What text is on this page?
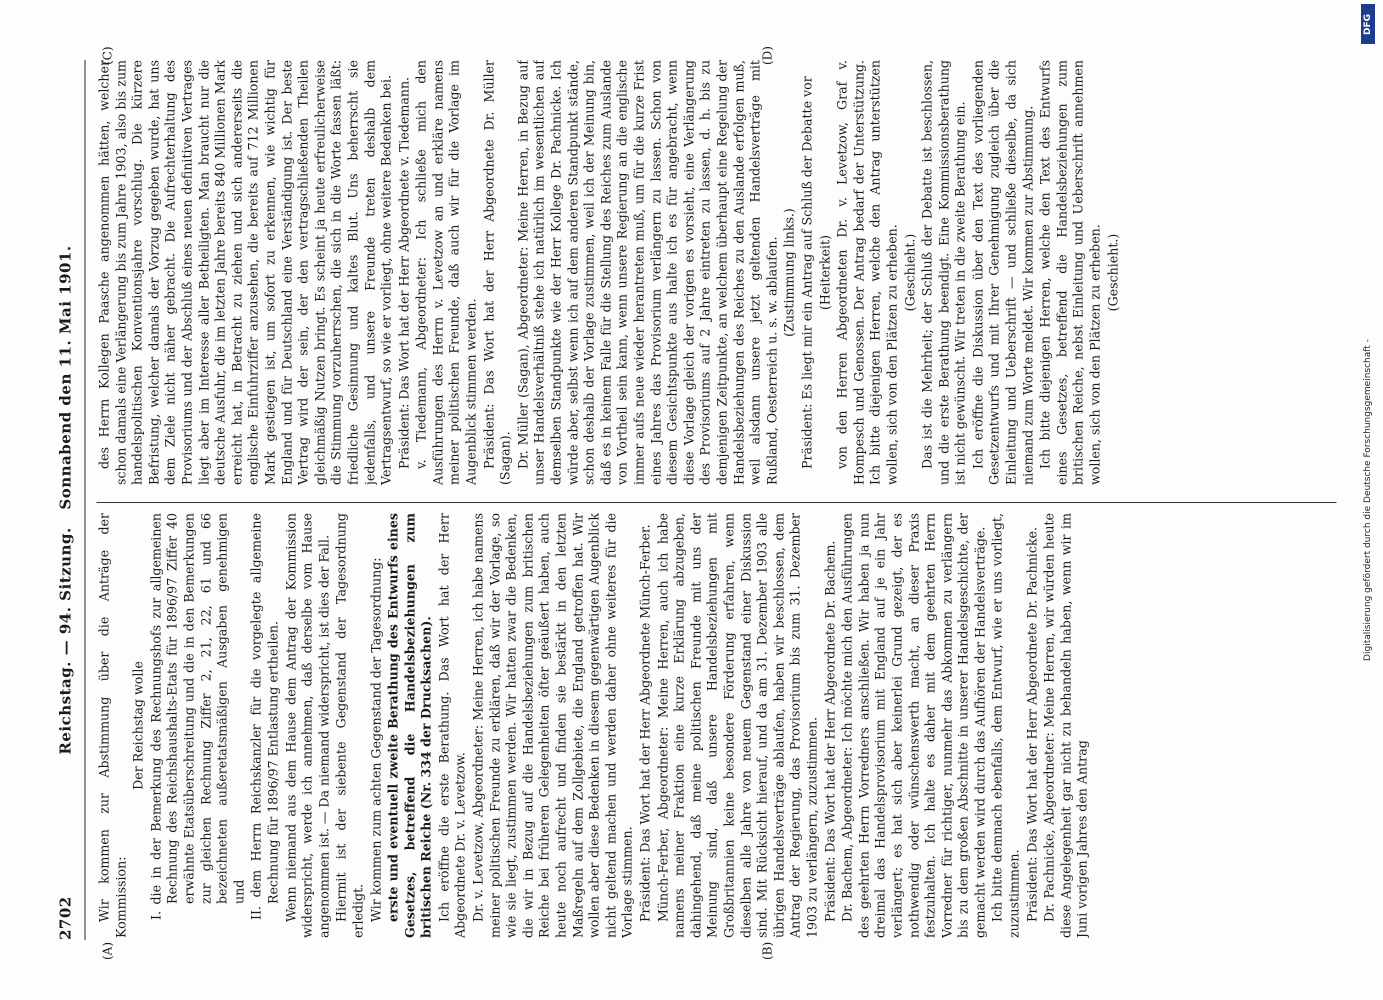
2702
Reichstag. — 94. Sitzung. Sonnabend den 11. Mai 1901.
(A)	(B)
(C)	(D)

Wir kommen zur Abstimmung über die Anträge der Kommission:

Der Reichstag wolle I. die in der Bemerkung des Rechnungshofs zur allgemeinen Rechnung des Reichshaushalts-Etats für 1896/97 Ziffer 40 erwähnte Etatsüberschreitung und die in den Bemerkungen zur gleichen Rechnung Ziffer 2, 21, 22, 61 und 66 bezeichneten außeretatsmäßigen Ausgaben genehmigen und II. dem Herrn Reichskanzler für die vorgelegte allgemeine Rechnung für 1896/97 Entlastung ertheilen. Wenn niemand aus dem Hause dem Antrag der Kommission widerspricht, werde ich annehmen, daß derselbe vom Hause angenommen ist. — Da niemand widerspricht, ist dies der Fall. Hiermit ist der siebente Gegenstand der Tagesordnung erledigt. Wir kommen zum achten Gegenstand der Tagesordnung: erste und eventuell zweite Berathung des Entwurfs eines Gesetzes, betreffend die Handelsbeziehungen zum britischen Reiche (Nr. 334 der Drucksachen). Ich eröffne die erste Berathung. Das Wort hat der Herr Abgeordnete Dr. v. Levetzow. Dr. v. Levetzow, Abgeordneter: Meine Herren, ich habe namens meiner politischen Freunde zu erklären, daß wir der Vorlage, so wie sie liegt, zustimmen werden. Wir hatten zwar die Bedenken, die wir in Bezug auf die Handelsbeziehungen zum britischen Reiche bei früheren Gelegenheiten öfter geäußert haben, auch heute noch aufrecht und finden sie bestärkt in den letzten Maßregeln auf dem Zollgebiete, die England getroffen hat. Wir wollen aber diese Bedenken in diesem gegenwärtigen Augenblick nicht geltend machen und werden daher ohne weiteres für die Vorlage stimmen. Präsident: Das Wort hat der Herr Abgeordnete Münch-Ferber. Münch-Ferber, Abgeordneter: Meine Herren, auch ich habe namens meiner Fraktion eine kurze Erklärung abzugeben, dahingehend, daß meine politischen Freunde mit uns der Meinung sind, daß unsere Handelsbeziehungen mit Großbritannien keine besondere Förderung erfahren, wenn dieselben alle Jahre von neuem Gegenstand einer Diskussion sind. Mit Rücksicht hierauf, und da am 31. Dezember 1903 alle übrigen Handelsverträge ablaufen, haben wir beschlossen, dem Antrag der Regierung, das Provisorium bis zum 31. Dezember 1903 zu verlängern, zuzustimmen. Präsident: Das Wort hat der Herr Abgeordnete Dr. Bachem. Dr. Bachem, Abgeordneter: Ich möchte mich den Ausführungen des geehrten Herrn Vorredners anschließen. Wir haben ja nun dreimal das Handelsprovisorium mit England auf je ein Jahr verlängert; es hat sich aber keinerlei Grund gezeigt, der es nothwendig oder wünschenswerth macht, an dieser Praxis festzuhalten. Ich halte es daher mit dem geehrten Herrn Vorredner für richtiger, nunmehr das Abkommen zu verlängern bis zu dem großen Abschnitte in unserer Handelsgeschichte, der gemacht werden wird durch das Aufhören der Handelsverträge. Ich bitte demnach ebenfalls, dem Entwurf, wie er uns vorliegt, zuzustimmen. Präsident: Das Wort hat der Herr Abgeordnete Dr. Pachnicke. Dr. Pachnicke, Abgeordneter: Meine Herren, wir würden heute diese Angelegenheit gar nicht zu behandeln haben, wenn wir im Juni vorigen Jahres den Antrag

des Herrn Kollegen Paasche angenommen hätten, welcher schon damals eine Verlängerung bis zum Jahre 1903, also bis zum handelspolitischen Konventionsjahre vorschlug. Die kürzere Befristung, welcher damals der Vorzug gegeben wurde, hat uns dem Ziele nicht näher gebracht. Die Aufrechterhaltung des Provisoriums und der Abschluß eines neuen definitiven Vertrages liegt aber im Interesse aller Betheiligten. Man braucht nur die deutsche Ausfuhr, die im letzten Jahre bereits 840 Millionen Mark erreicht hat, in Betracht zu ziehen und sich andererseits die englische Einfuhrziffer anzusehen, die bereits auf 712 Millionen Mark gestiegen ist, um sofort zu erkennen, wie wichtig für England und für Deutschland eine Verständigung ist. Der beste Vertrag wird der sein, der den vertragschließenden Theilen gleichmäßig Nutzen bringt. Es scheint ja heute erfreulicherweise die Stimmung vorzuherrschen, die sich in die Worte fassen läßt: friedliche Gesinnung und kaltes Blut. Uns beherrscht sie jedenfalls, und unsere Freunde treten deshalb dem Vertragsentwurf, so wie er vorliegt, ohne weitere Bedenken bei. Präsident: Das Wort hat der Herr Abgeordnete v. Tiedemann. v. Tiedemann, Abgeordneter: Ich schließe mich den Ausführungen des Herrn v. Levetzow an und erkläre namens meiner politischen Freunde, daß auch wir für die Vorlage im Augenblick stimmen werden. Präsident: Das Wort hat der Herr Abgeordnete Dr. Müller (Sagan). Dr. Müller (Sagan), Abgeordneter: Meine Herren, in Bezug auf unser Handelsverhältniß stehe ich natürlich im wesentlichen auf demselben Standpunkte wie der Herr Kollege Dr. Pachnicke. Ich würde aber, selbst wenn ich auf dem anderen Standpunkt stände, schon deshalb der Vorlage zustimmen, weil ich der Meinung bin, daß es in keinem Falle für die Stellung des Reiches zum Auslande von Vortheil sein kann, wenn unsere Regierung an die englische immer aufs neue wieder herantreten muß, um für die kurze Frist eines Jahres das Provisorium verlängern zu lassen. Schon von diesem Gesichtspunkte aus halte ich es für angebracht, wenn diese Vorlage gleich der vorigen es vorsieht, eine Verlängerung des Provisoriums auf 2 Jahre eintreten zu lassen, d. h. bis zu demjenigen Zeitpunkte, an welchem überhaupt eine Regelung der Handelsbeziehungen des Reiches zu den Auslande erfolgen muß, weil alsdann unsere jetzt geltenden Handelsverträge mit Rußland, Oesterreich u. s. w. ablaufen. (Zustimmung links.) Präsident: Es liegt mir ein Antrag auf Schluß der Debatte vor (Heiterkeit) von den Herren Abgeordneten Dr. v. Levetzow, Graf v. Hompesch und Genossen. Der Antrag bedarf der Unterstützung. Ich bitte diejenigen Herren, welche den Antrag unterstützen wollen, sich von den Plätzen zu erheben. (Geschieht.) Das ist die Mehrheit; der Schluß der Debatte ist beschlossen, und die erste Berathung beendigt. Eine Kommissionsberathung ist nicht gewünscht. Wir treten in die zweite Berathung ein. Ich eröffne die Diskussion über den Text des vorliegenden Gesetzentwurfs und mit Ihrer Genehmigung zugleich über die Einleitung und Ueberschrift — und schließe dieselbe, da sich niemand zum Worte meldet. Wir kommen zur Abstimmung. Ich bitte diejenigen Herren, welche den Text des Entwurfs eines Gesetzes, betreffend die Handelsbeziehungen zum britischen Reiche, nebst Einleitung und Ueberschrift annehmen wollen, sich von den Plätzen zu erheben. (Geschieht.)

Digitalisierung gefördert durch die Deutsche Forschungsgemeinschaft -
DFG
